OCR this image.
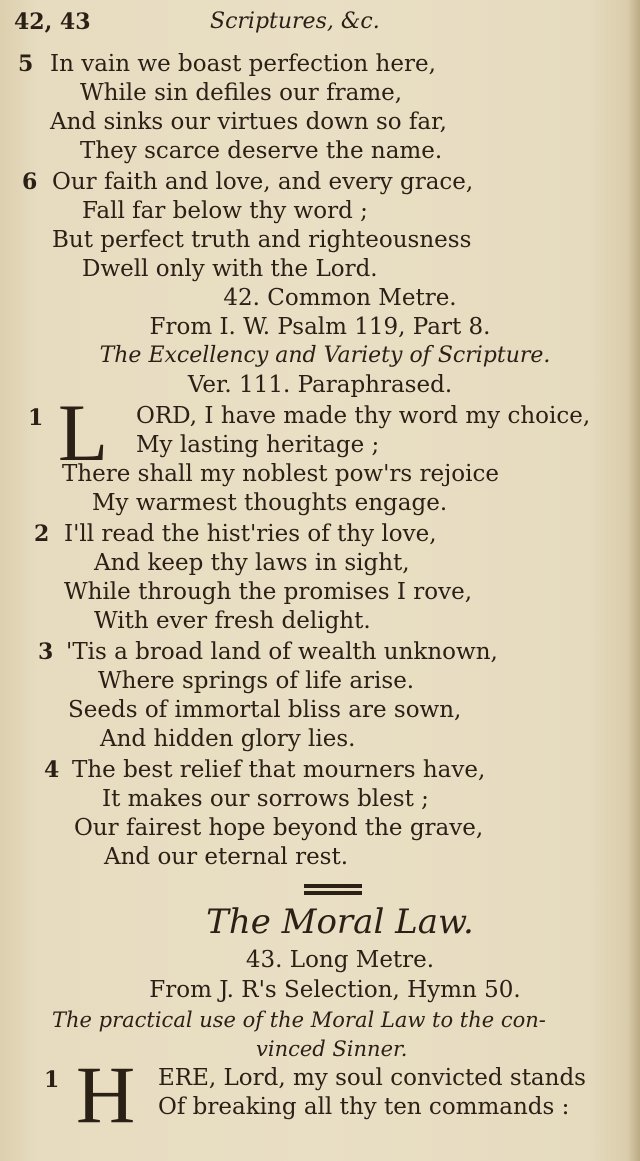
42, 43	Scriptures, &c.
5 In vain we boast perfection here,
While sin defiles our frame,
And sinks our virtues down so far,
They scarce deserve the name.
6 Our faith and love, and every grace,
Fall far below thy word ;
But perfect truth and righteousness
Dwell only with the Lord.
42. Common Metre.
From I. W. Psalm 119, Part 8.
The Excellency and Variety of Scripture.
Ver. 111. Paraphrased.
1 L ORD, I have made thy word my choice,
My lasting heritage ;
There shall my noblest pow'rs rejoice
My warmest thoughts engage.
2 I'll read the hist'ries of thy love,
And keep thy laws in sight,
While through the promises I rove,
With ever fresh delight.
3 'Tis a broad land of wealth unknown,
Where springs of life arise.
Seeds of immortal bliss are sown,
And hidden glory lies.
4 The best relief that mourners have,
It makes our sorrows blest ;
Our fairest hope beyond the grave,
And our eternal rest.
The Moral Law.
43. Long Metre.
From J. R's Selection, Hymn 50.
The practical use of the Moral Law to the con-
vinced Sinner.
1 H ERE, Lord, my soul convicted stands
Of breaking all thy ten commands :
